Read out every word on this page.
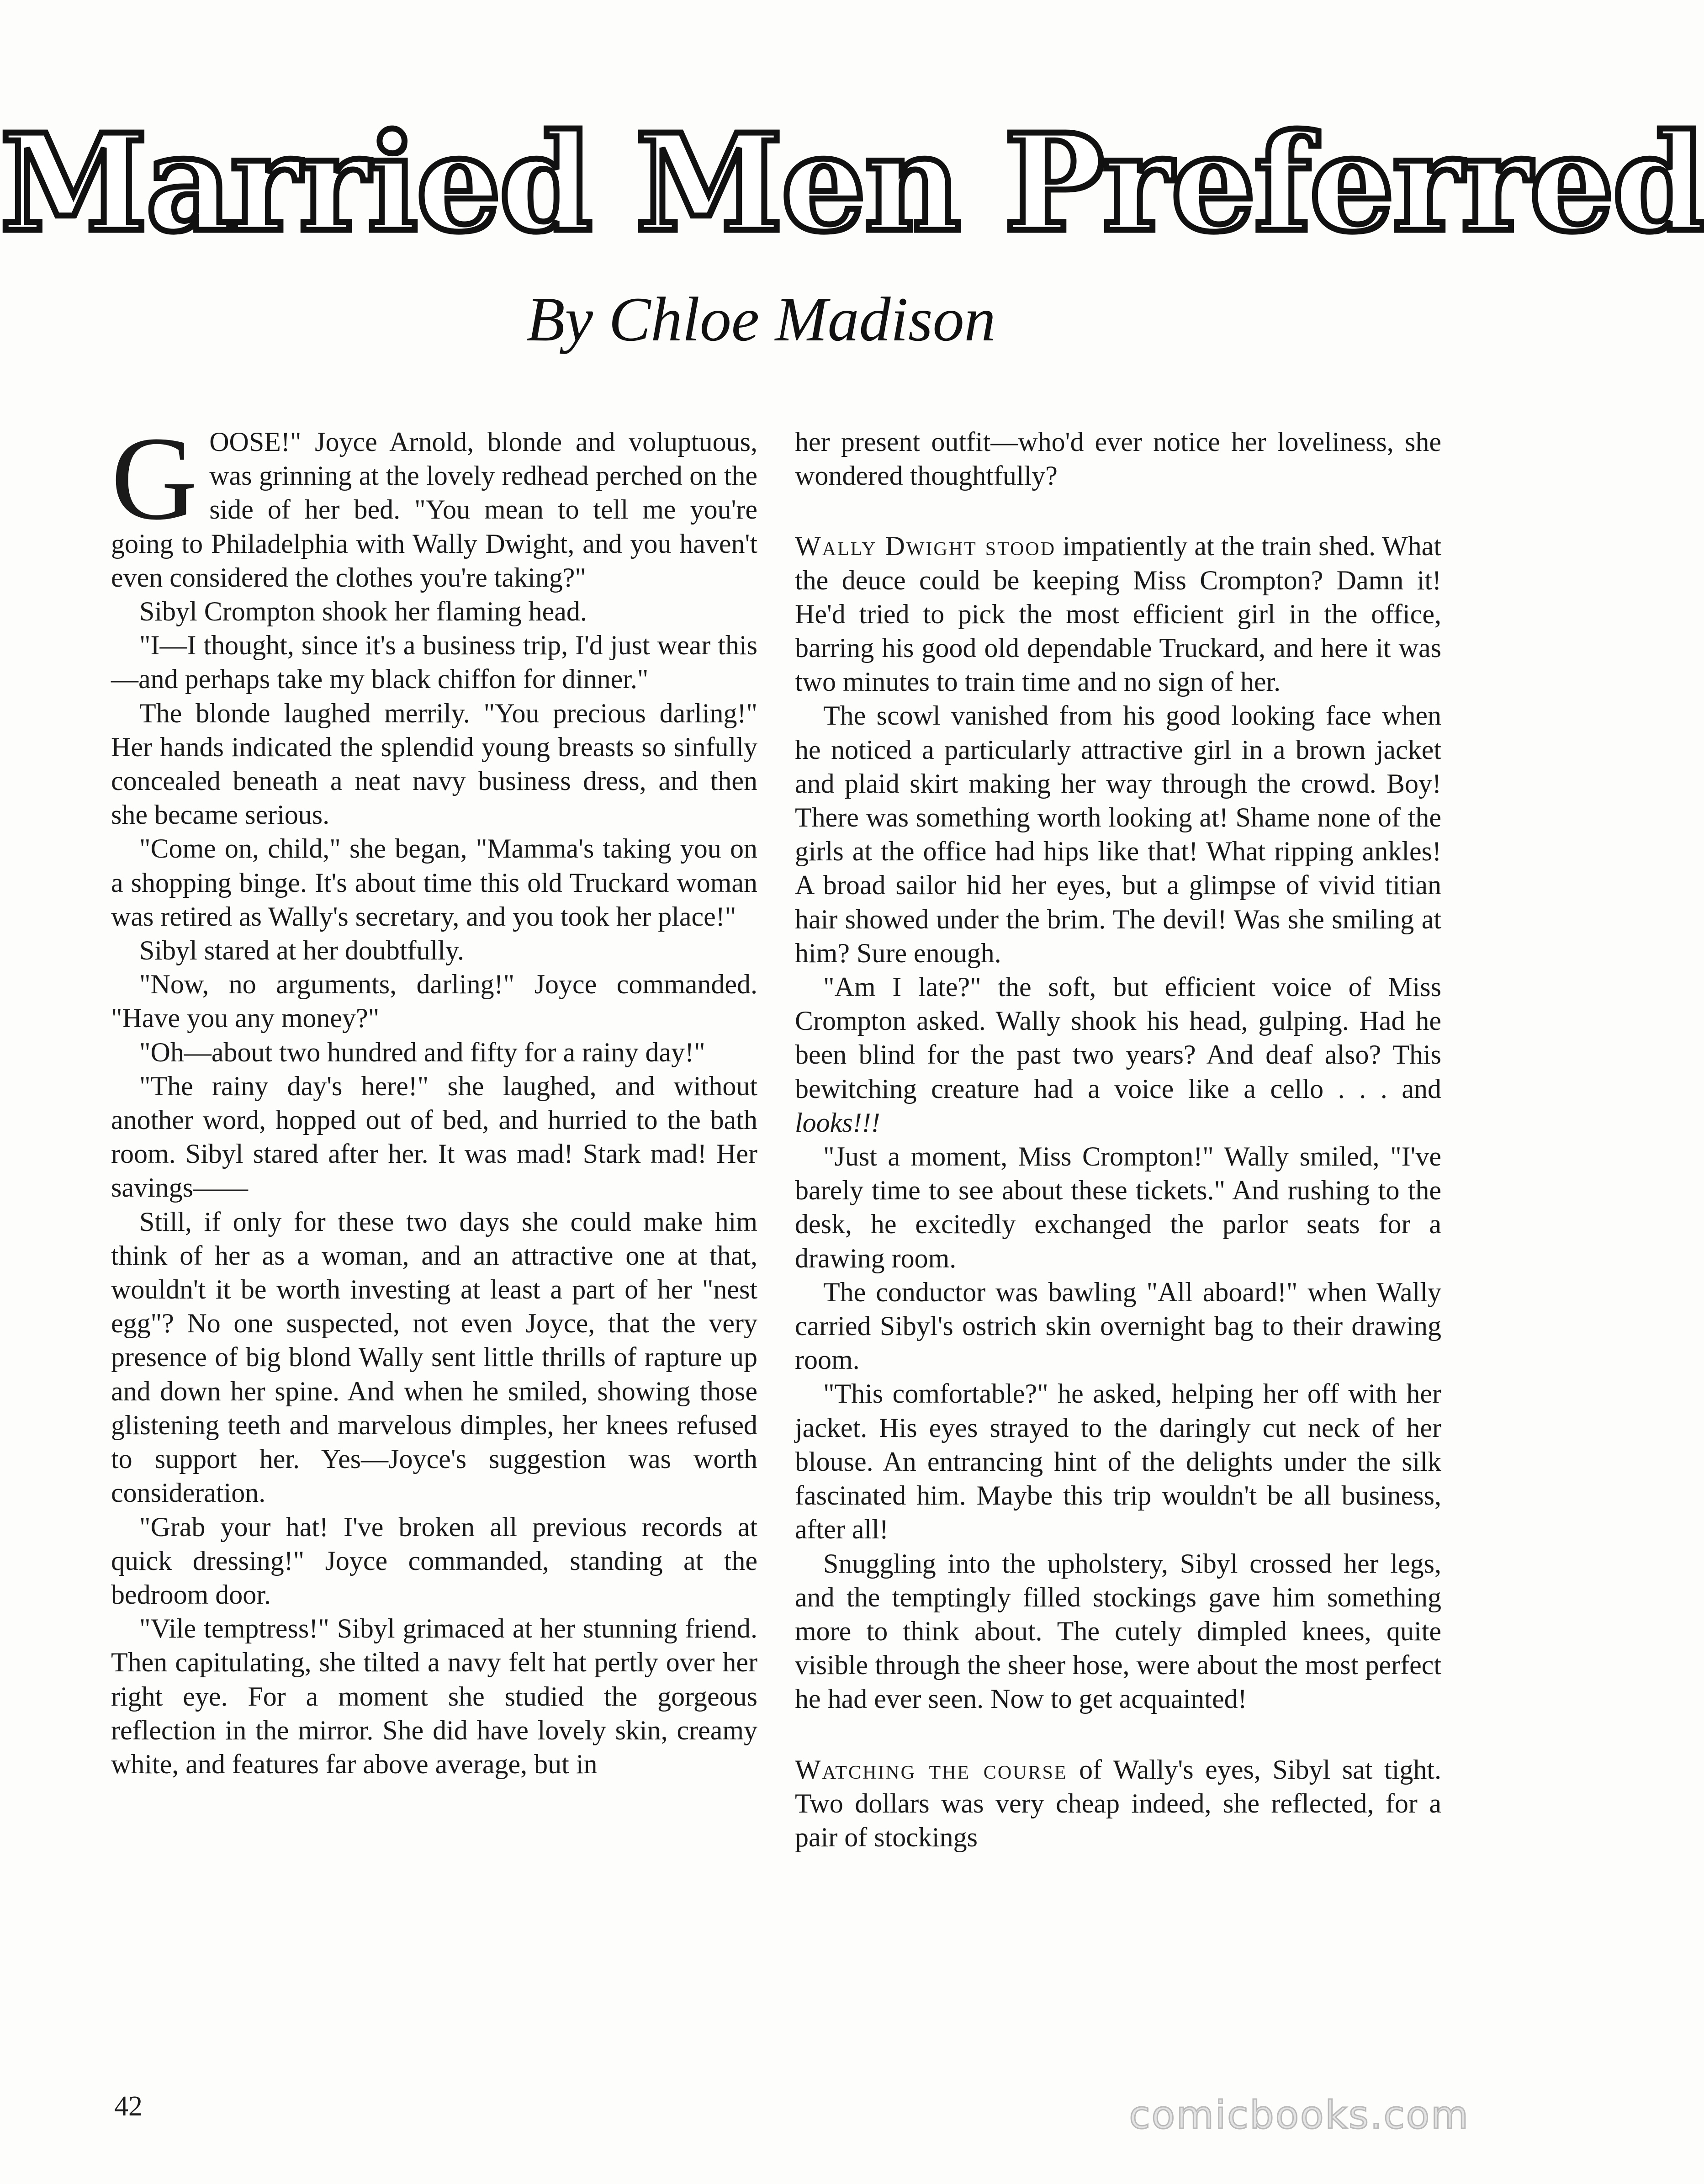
Married Men Preferred
By Chloe Madison

GOOSE!" Joyce Arnold, blonde and voluptuous, was grinning at the lovely redhead perched on the side of her bed. "You mean to tell me you're going to Philadelphia with Wally Dwight, and you haven't even considered the clothes you're taking?"

Sibyl Crompton shook her flaming head.

"I—I thought, since it's a business trip, I'd just wear this—and perhaps take my black chiffon for dinner."

The blonde laughed merrily. "You precious darling!" Her hands indicated the splendid young breasts so sinfully concealed beneath a neat navy business dress, and then she became serious.

"Come on, child," she began, "Mamma's taking you on a shopping binge. It's about time this old Truckard woman was retired as Wally's secretary, and you took her place!"

Sibyl stared at her doubtfully.

"Now, no arguments, darling!" Joyce commanded. "Have you any money?"

"Oh—about two hundred and fifty for a rainy day!"

"The rainy day's here!" she laughed, and without another word, hopped out of bed, and hurried to the bath room. Sibyl stared after her. It was mad! Stark mad! Her savings——

Still, if only for these two days she could make him think of her as a woman, and an attractive one at that, wouldn't it be worth investing at least a part of her "nest egg"? No one suspected, not even Joyce, that the very presence of big blond Wally sent little thrills of rapture up and down her spine. And when he smiled, showing those glistening teeth and marvelous dimples, her knees refused to support her. Yes—Joyce's suggestion was worth consideration.

"Grab your hat! I've broken all previous records at quick dressing!" Joyce commanded, standing at the bedroom door.

"Vile temptress!" Sibyl grimaced at her stunning friend. Then capitulating, she tilted a navy felt hat pertly over her right eye. For a moment she studied the gorgeous reflection in the mirror. She did have lovely skin, creamy white, and features far above average, but in

her present outfit—who'd ever notice her loveliness, she wondered thoughtfully?

Wally Dwight stood impatiently at the train shed. What the deuce could be keeping Miss Crompton? Damn it! He'd tried to pick the most efficient girl in the office, barring his good old dependable Truckard, and here it was two minutes to train time and no sign of her.

The scowl vanished from his good looking face when he noticed a particularly attractive girl in a brown jacket and plaid skirt making her way through the crowd. Boy! There was something worth looking at! Shame none of the girls at the office had hips like that! What ripping ankles! A broad sailor hid her eyes, but a glimpse of vivid titian hair showed under the brim. The devil! Was she smiling at him? Sure enough.

"Am I late?" the soft, but efficient voice of Miss Crompton asked. Wally shook his head, gulping. Had he been blind for the past two years? And deaf also? This bewitching creature had a voice like a cello . . . and looks!!!

"Just a moment, Miss Crompton!" Wally smiled, "I've barely time to see about these tickets." And rushing to the desk, he excitedly exchanged the parlor seats for a drawing room.

The conductor was bawling "All aboard!" when Wally carried Sibyl's ostrich skin overnight bag to their drawing room.

"This comfortable?" he asked, helping her off with her jacket. His eyes strayed to the daringly cut neck of her blouse. An entrancing hint of the delights under the silk fascinated him. Maybe this trip wouldn't be all business, after all!

Snuggling into the upholstery, Sibyl crossed her legs, and the temptingly filled stockings gave him something more to think about. The cutely dimpled knees, quite visible through the sheer hose, were about the most perfect he had ever seen. Now to get acquainted!

Watching the course of Wally's eyes, Sibyl sat tight. Two dollars was very cheap indeed, she reflected, for a pair of stockings

42	comicbooks.com
